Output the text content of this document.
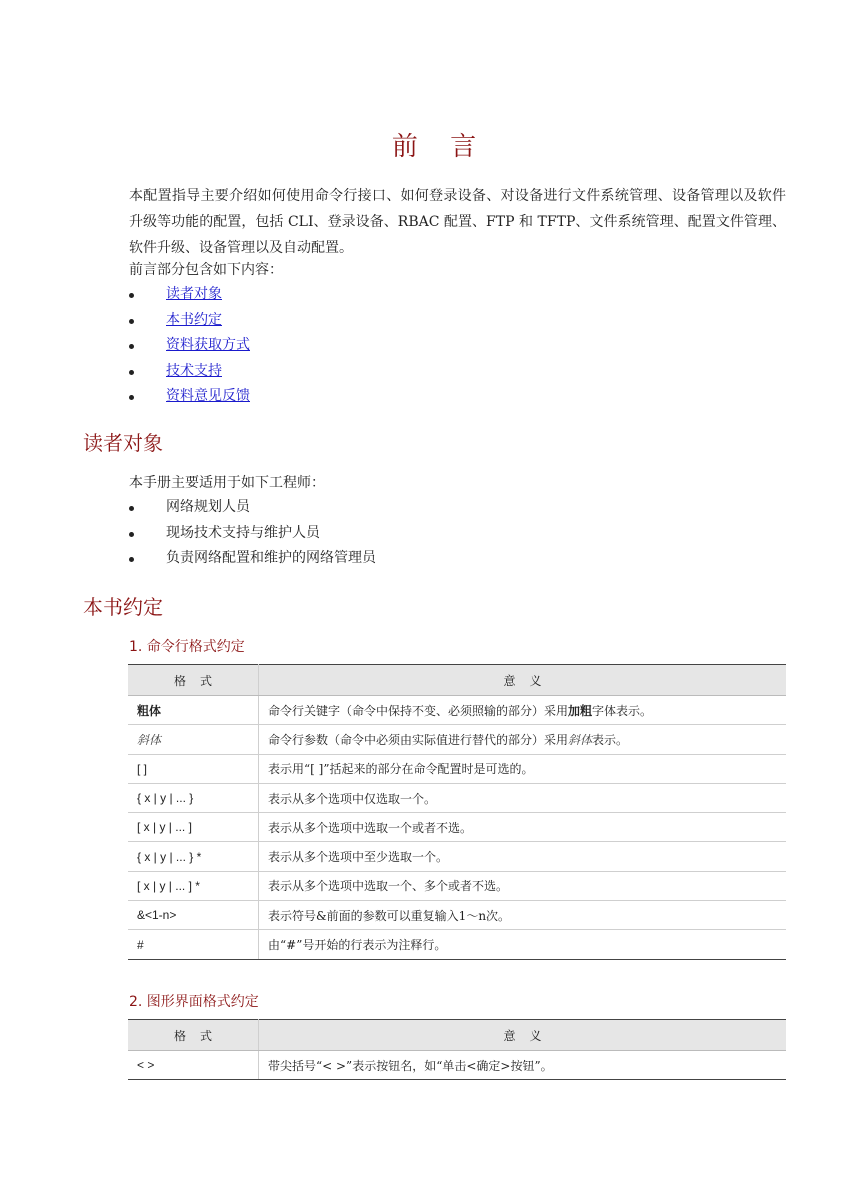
前 言
本配置指导主要介绍如何使用命令行接口、如何登录设备、对设备进行文件系统管理、设备管理以及软件升级等功能的配置，包括 CLI、登录设备、RBAC 配置、FTP 和 TFTP、文件系统管理、配置文件管理、软件升级、设备管理以及自动配置。
前言部分包含如下内容：
读者对象
本书约定
资料获取方式
技术支持
资料意见反馈
读者对象
本手册主要适用于如下工程师：
网络规划人员
现场技术支持与维护人员
负责网络配置和维护的网络管理员
本书约定
1. 命令行格式约定
格式	意义
粗体	命令行关键字（命令中保持不变、必须照输的部分）采用加粗字体表示。
斜体	命令行参数（命令中必须由实际值进行替代的部分）采用斜体表示。
[ ]	表示用“[ ]”括起来的部分在命令配置时是可选的。
{ x | y | ... }	表示从多个选项中仅选取一个。
[ x | y | ... ]	表示从多个选项中选取一个或者不选。
{ x | y | ... } *	表示从多个选项中至少选取一个。
[ x | y | ... ] *	表示从多个选项中选取一个、多个或者不选。
&<1-n>	表示符号&前面的参数可以重复输入1～n次。
#	由“#”号开始的行表示为注释行。
2. 图形界面格式约定
格式	意义
< >	带尖括号“< >”表示按钮名，如“单击<确定>按钮”。
